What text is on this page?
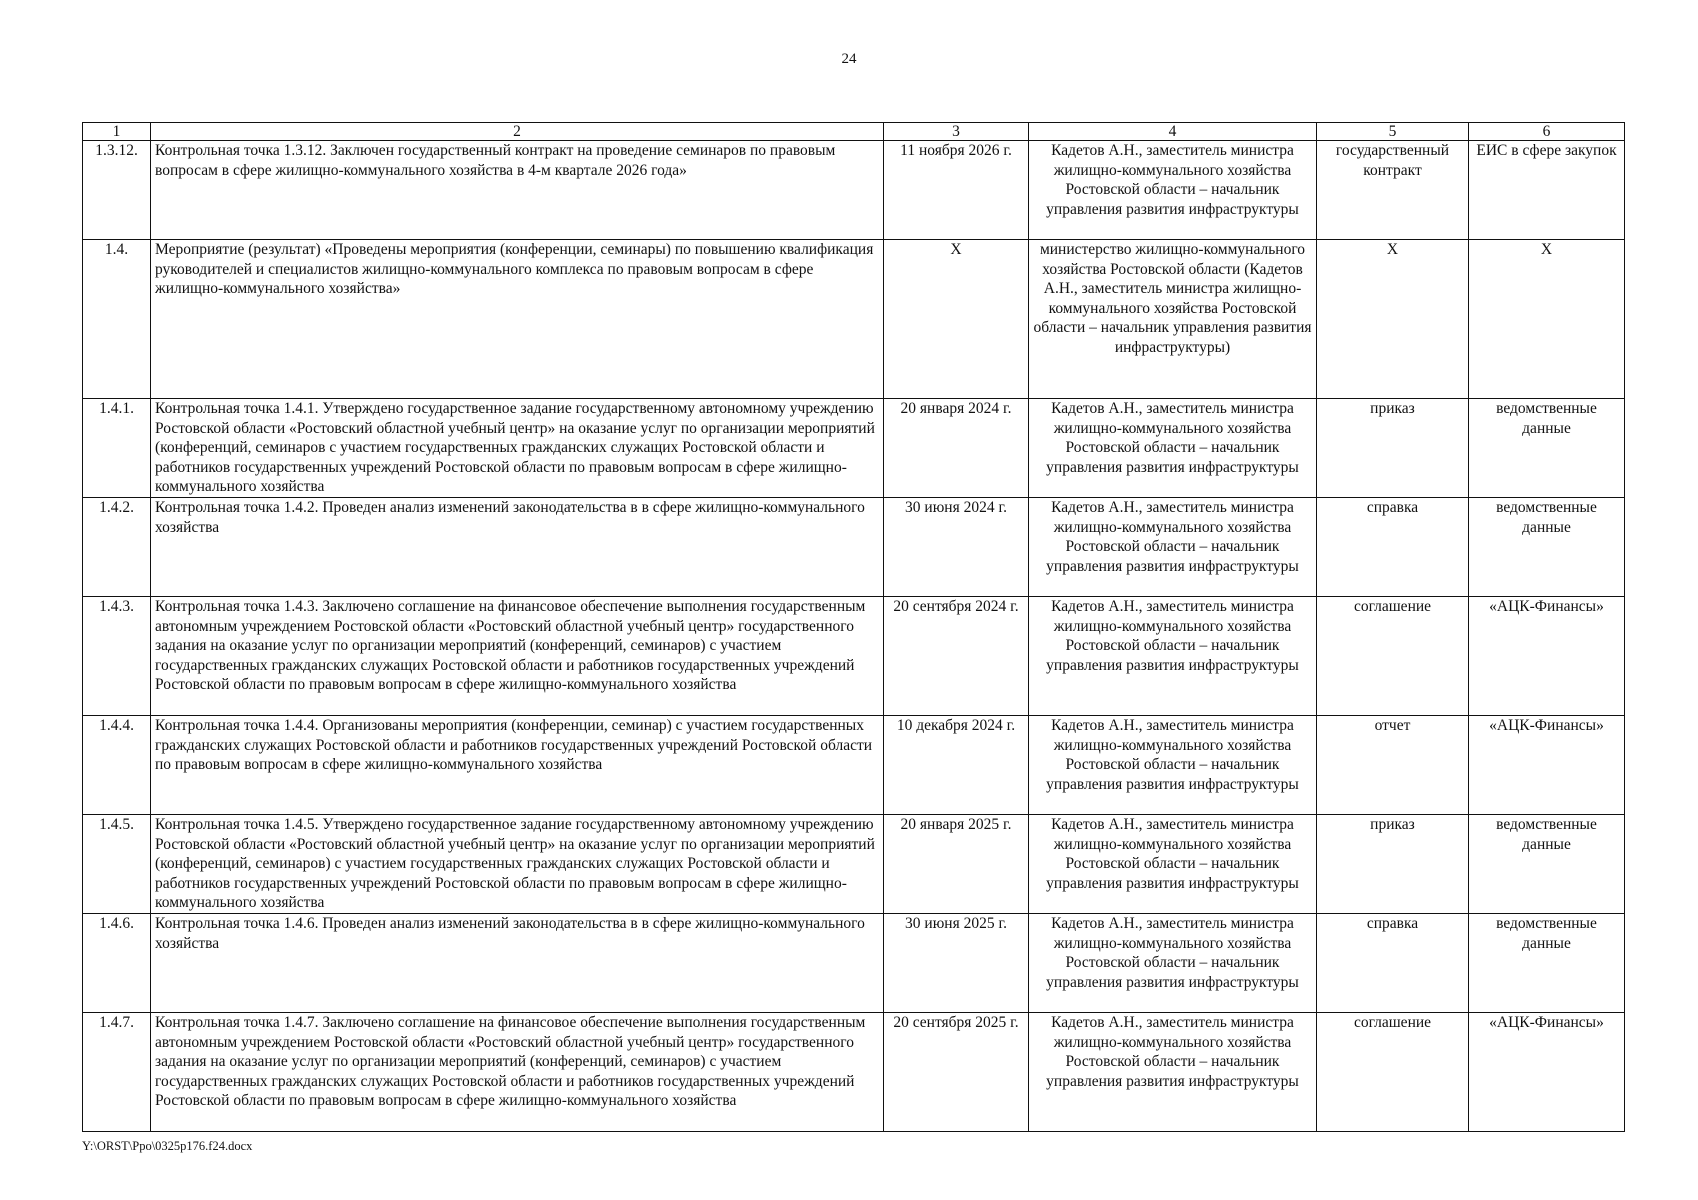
24
1	2	3	4	5	6
1.3.12.	Контрольная точка 1.3.12. Заключен государственный контракт на проведение семинаров по правовым вопросам в сфере жилищно-коммунального хозяйства в 4-м квартале 2026 года»	11 ноября 2026 г.	Кадетов А.Н., заместитель министра жилищно-коммунального хозяйства Ростовской области – начальник управления развития инфраструктуры	государственный контракт	ЕИС в сфере закупок
1.4.	Мероприятие (результат) «Проведены мероприятия (конференции, семинары) по повышению квалификация руководителей и специалистов жилищно-коммунального комплекса по правовым вопросам в сфере жилищно-коммунального хозяйства»	Х	министерство жилищно-коммунального хозяйства Ростовской области (Кадетов А.Н., заместитель министра жилищно-коммунального хозяйства Ростовской области – начальник управления развития инфраструктуры)	Х	Х
1.4.1.	Контрольная точка 1.4.1. Утверждено государственное задание государственному автономному учреждению Ростовской области «Ростовский областной учебный центр» на оказание услуг по организации мероприятий (конференций, семинаров с участием государственных гражданских служащих Ростовской области и работников государственных учреждений Ростовской области по правовым вопросам в сфере жилищно-коммунального хозяйства	20 января 2024 г.	Кадетов А.Н., заместитель министра жилищно-коммунального хозяйства Ростовской области – начальник управления развития инфраструктуры	приказ	ведомственные данные
1.4.2.	Контрольная точка 1.4.2. Проведен анализ изменений законодательства в в сфере жилищно-коммунального хозяйства	30 июня 2024 г.	Кадетов А.Н., заместитель министра жилищно-коммунального хозяйства Ростовской области – начальник управления развития инфраструктуры	справка	ведомственные данные
1.4.3.	Контрольная точка 1.4.3. Заключено соглашение на финансовое обеспечение выполнения государственным автономным учреждением Ростовской области «Ростовский областной учебный центр» государственного задания на оказание услуг по организации мероприятий (конференций, семинаров) с участием государственных гражданских служащих Ростовской области и работников государственных учреждений Ростовской области по правовым вопросам в сфере жилищно-коммунального хозяйства	20 сентября 2024 г.	Кадетов А.Н., заместитель министра жилищно-коммунального хозяйства Ростовской области – начальник управления развития инфраструктуры	соглашение	«АЦК-Финансы»
1.4.4.	Контрольная точка 1.4.4. Организованы мероприятия (конференции, семинар) с участием государственных гражданских служащих Ростовской области и работников государственных учреждений Ростовской области по правовым вопросам в сфере жилищно-коммунального хозяйства	10 декабря 2024 г.	Кадетов А.Н., заместитель министра жилищно-коммунального хозяйства Ростовской области – начальник управления развития инфраструктуры	отчет	«АЦК-Финансы»
1.4.5.	Контрольная точка 1.4.5. Утверждено государственное задание государственному автономному учреждению Ростовской области «Ростовский областной учебный центр» на оказание услуг по организации мероприятий (конференций, семинаров) с участием государственных гражданских служащих Ростовской области и работников государственных учреждений Ростовской области по правовым вопросам в сфере жилищно-коммунального хозяйства	20 января 2025 г.	Кадетов А.Н., заместитель министра жилищно-коммунального хозяйства Ростовской области – начальник управления развития инфраструктуры	приказ	ведомственные данные
1.4.6.	Контрольная точка 1.4.6. Проведен анализ изменений законодательства в в сфере жилищно-коммунального хозяйства	30 июня 2025 г.	Кадетов А.Н., заместитель министра жилищно-коммунального хозяйства Ростовской области – начальник управления развития инфраструктуры	справка	ведомственные данные
1.4.7.	Контрольная точка 1.4.7. Заключено соглашение на финансовое обеспечение выполнения государственным автономным учреждением Ростовской области «Ростовский областной учебный центр» государственного задания на оказание услуг по организации мероприятий (конференций, семинаров) с участием государственных гражданских служащих Ростовской области и работников государственных учреждений Ростовской области по правовым вопросам в сфере жилищно-коммунального хозяйства	20 сентября 2025 г.	Кадетов А.Н., заместитель министра жилищно-коммунального хозяйства Ростовской области – начальник управления развития инфраструктуры	соглашение	«АЦК-Финансы»
Y:\ORST\Ppo\0325p176.f24.docx
